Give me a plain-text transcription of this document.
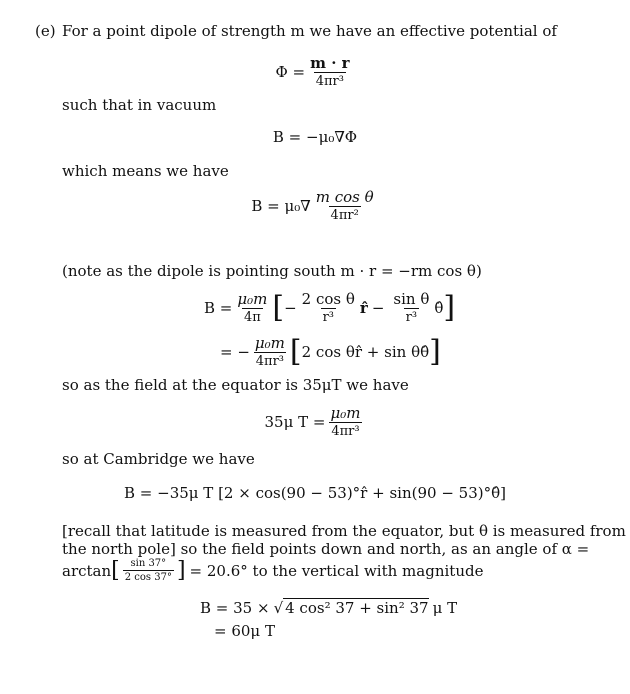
(e) For a point dipole of strength m we have an effective potential of
$\Phi = \frac{m \cdot r}{\text{4πr³}}$
such that in vacuum
B = −μ₀∇Φ
which means we have
$B = \mu_0\nabla \frac{\text{m cos θ}}{\text{4πr²}}$
(note as the dipole is pointing south m · r = −rm cos θ)
$B = \frac{\text{μ₀m}}{4\pi}$ [ − $\frac{\text{2 cos θ}}{\text{r³}}$ r̂ − $\frac{\text{sin θ}}{\text{r³}}$ θ̂ ]
= − $\frac{\text{μ₀m}}{\text{4πr³}}$ [ 2 cos θr̂ + sin θθ̂ ]
so as the field at the equator is 35μT we have
35μ $T = \frac{\text{μ₀m}}{\text{4πr³}}$
so at Cambridge we have
B = −35μ T [2 × cos(90 − 53)°r̂ + sin(90 − 53)°θ̂]
[recall that latitude is measured from the equator, but θ is measured from
the north pole] so the field points down and north, as an angle of α =
arctan [ $\frac{\sin 37^\circ}{2 \cos 37^\circ}$ ] = 20.6° to the vertical with magnitude
B = 35 × √ 4 cos² 37 + sin² 37 μ T
= 60μ T
